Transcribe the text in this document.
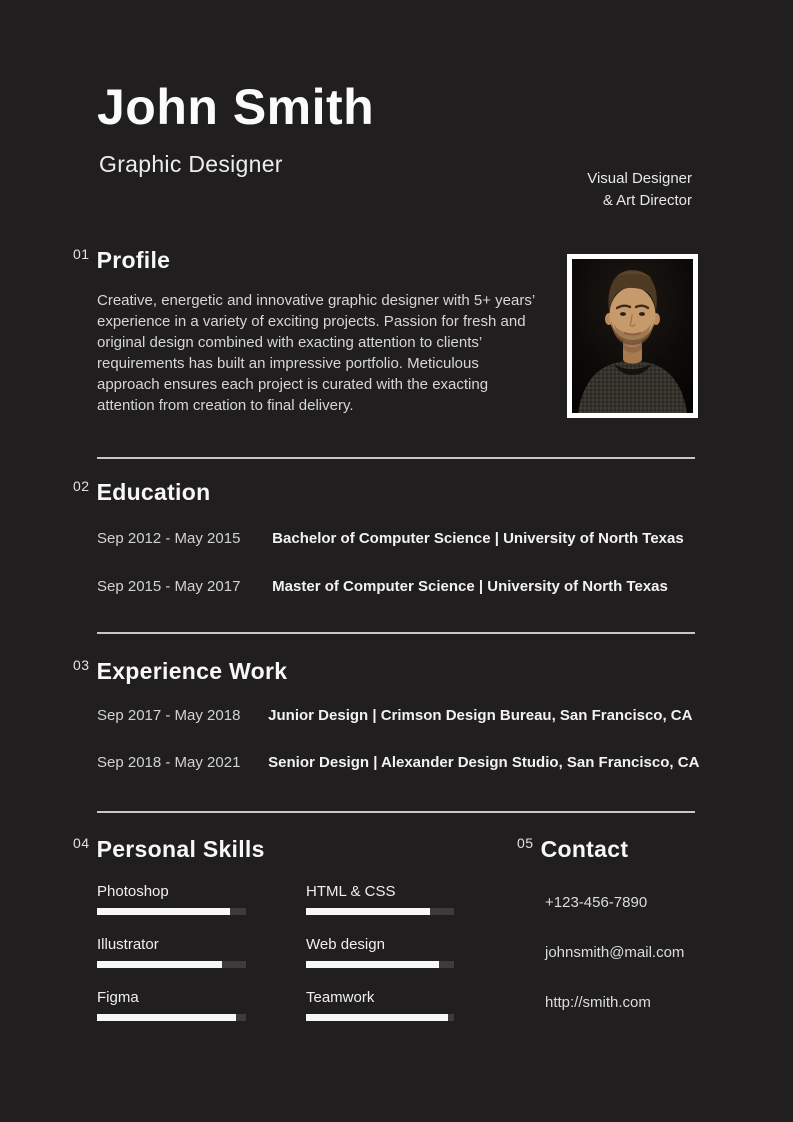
John Smith
Graphic Designer
Visual Designer
& Art Director
01 Profile

Creative, energetic and innovative graphic designer with 5+ years’ experience in a variety of exciting projects. Passion for fresh and original design combined with exacting attention to clients’ requirements has built an impressive portfolio. Meticulous approach ensures each project is curated with the exacting attention from creation to final delivery.

02 Education
Sep 2012 - May 2015 Bachelor of Computer Science | University of North Texas
Sep 2015 - May 2017 Master of Computer Science | University of North Texas
03 Experience Work
Sep 2017 - May 2018 Junior Design | Crimson Design Bureau, San Francisco, CA
Sep 2018 - May 2021 Senior Design | Alexander Design Studio, San Francisco, CA
04 Personal Skills
Photoshop
Illustrator
Figma
HTML & CSS
Web design
Teamwork
05 Contact
+123-456-7890
johnsmith@mail.com
http://smith.com
